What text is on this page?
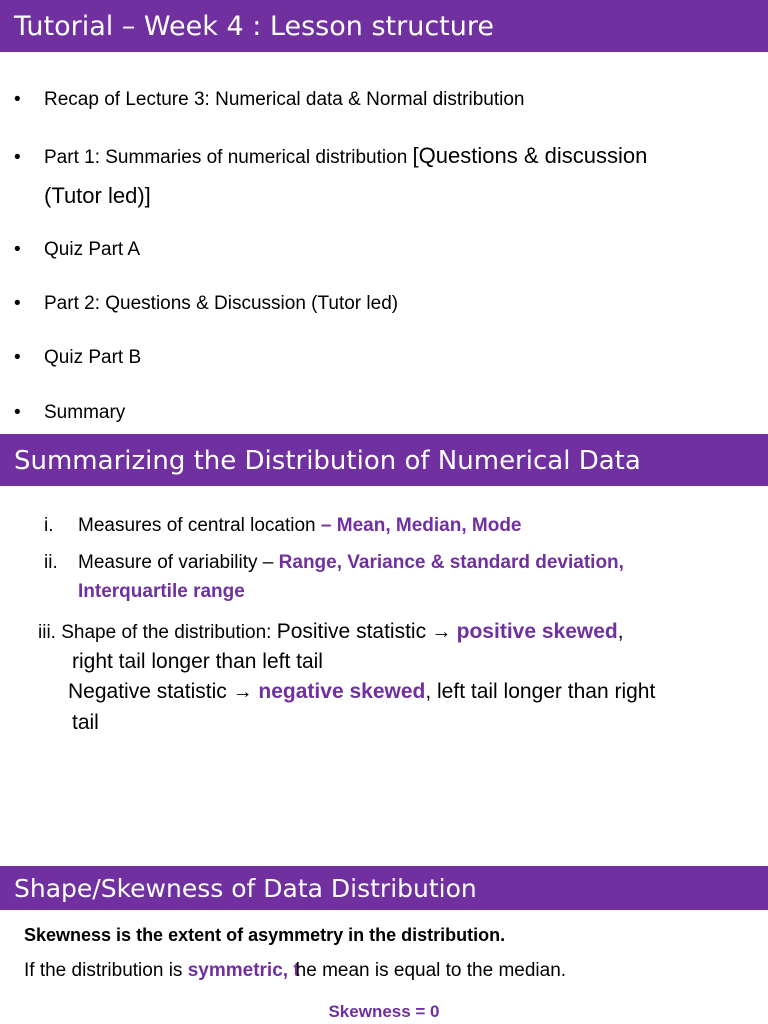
Tutorial – Week 4 : Lesson structure
• Recap of Lecture 3: Numerical data & Normal distribution
• Part 1: Summaries of numerical distribution [Questions & discussion
(Tutor led)]
• Quiz Part A
• Part 2: Questions & Discussion (Tutor led)
• Quiz Part B
• Summary
Summarizing the Distribution of Numerical Data
i. Measures of central location – Mean, Median, Mode
ii. Measure of variability – Range, Variance & standard deviation,
Interquartile range
iii. Shape of the distribution: Positive statistic → positive skewed,
right tail longer than left tail
Negative statistic → negative skewed, left tail longer than right
tail
Shape/Skewness of Data Distribution
Skewness is the extent of asymmetry in the distribution.
If the distribution is symmetric, the mean is equal to the median.
Skewness = 0
